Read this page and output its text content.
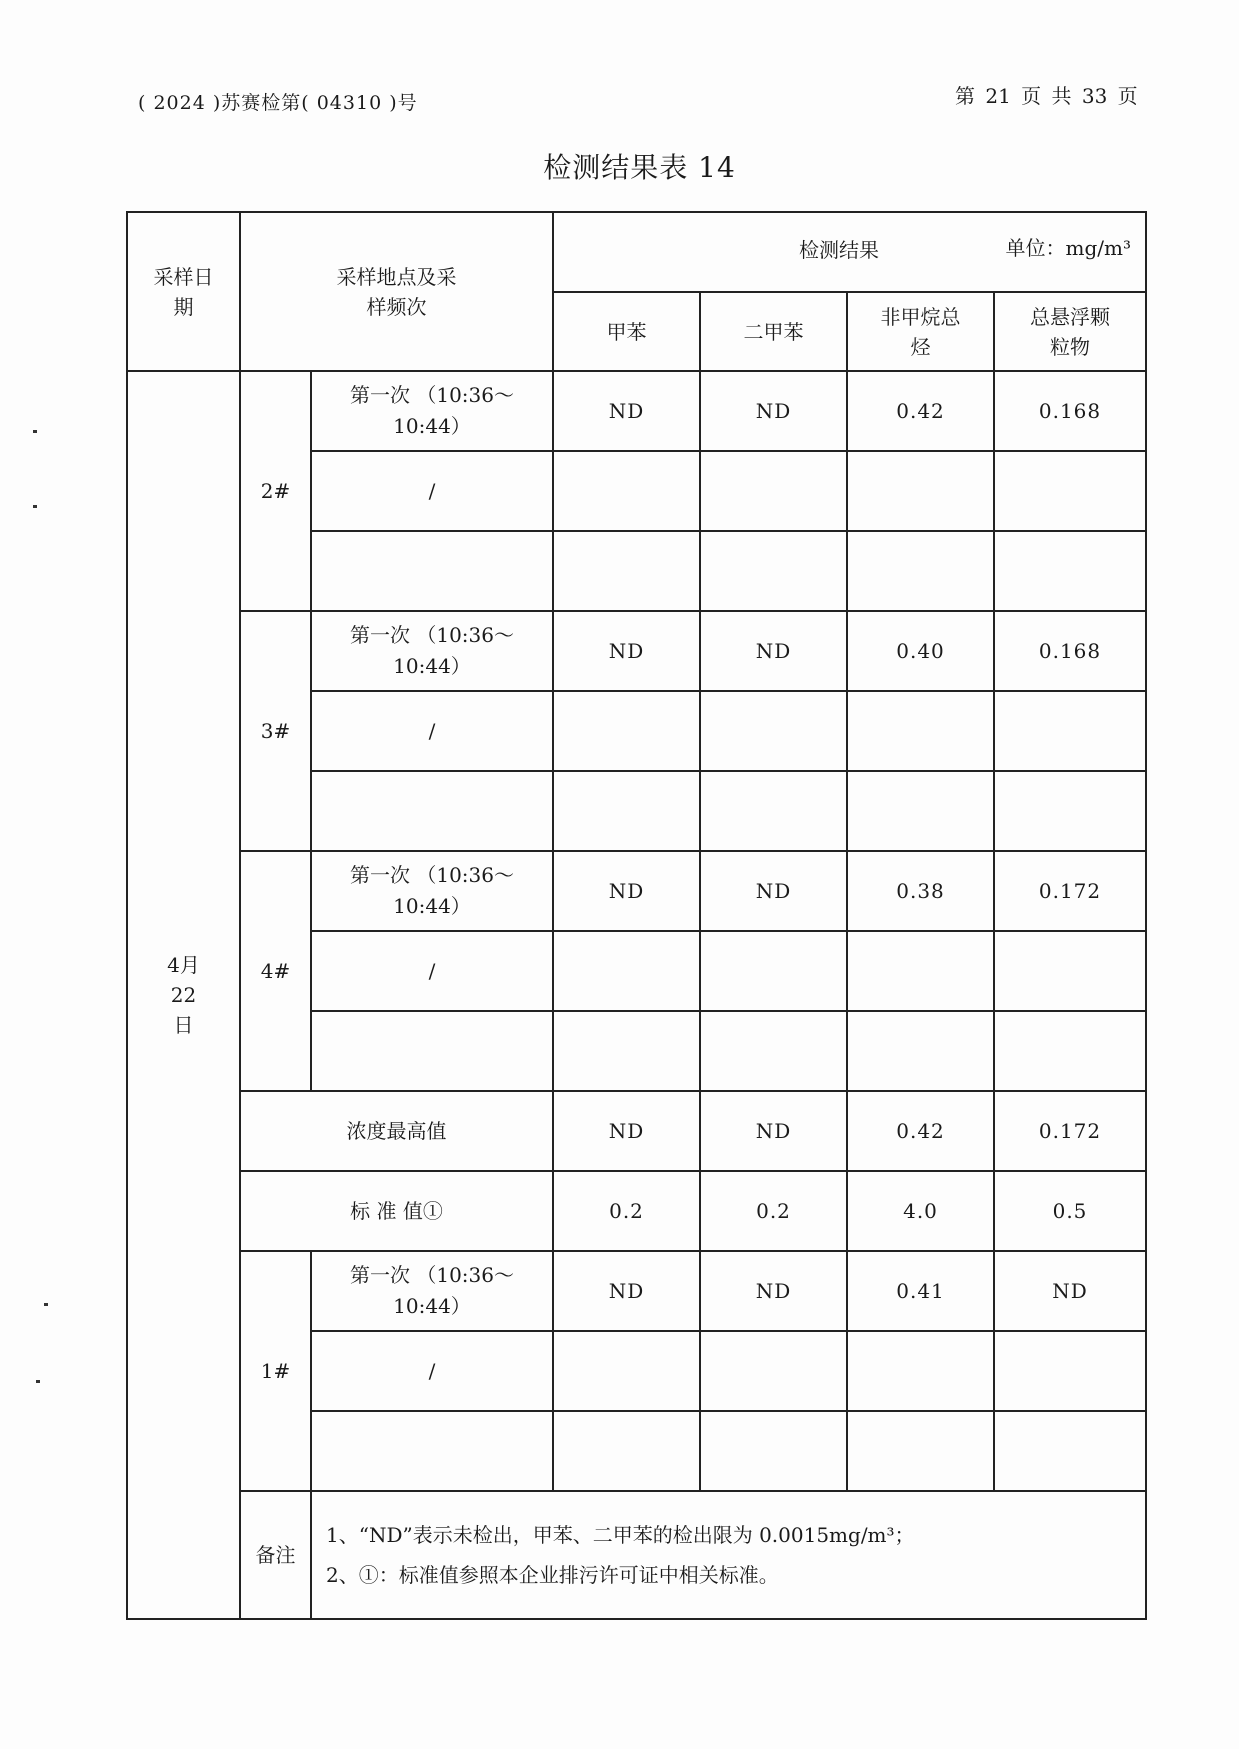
( 2024 )苏赛检第( 04310 )号	第 21 页 共 33 页
检测结果表 14
采样日期	采样地点及采样频次		检测结果 单位：mg/m³			

			甲苯	二甲苯	非甲烷总烃	总悬浮颗粒物
4月 22日	2#	第一次 （10:36～10:44）	ND	ND	0.42	0.168
		/				

	3#	第一次 （10:36～10:44）	ND	ND	0.40	0.168
		/				

	4#	第一次 （10:36～10:44）	ND	ND	0.38	0.172
		/				

	浓度最高值		ND	ND	0.42	0.172
	标 准 值①		0.2	0.2	4.0	0.5
	1#	第一次 （10:36～10:44）	ND	ND	0.41	ND
		/				

	备注	1、“ND”表示未检出，甲苯、二甲苯的检出限为 0.0015mg/m³；
2、①：标准值参照本企业排污许可证中相关标准。				
